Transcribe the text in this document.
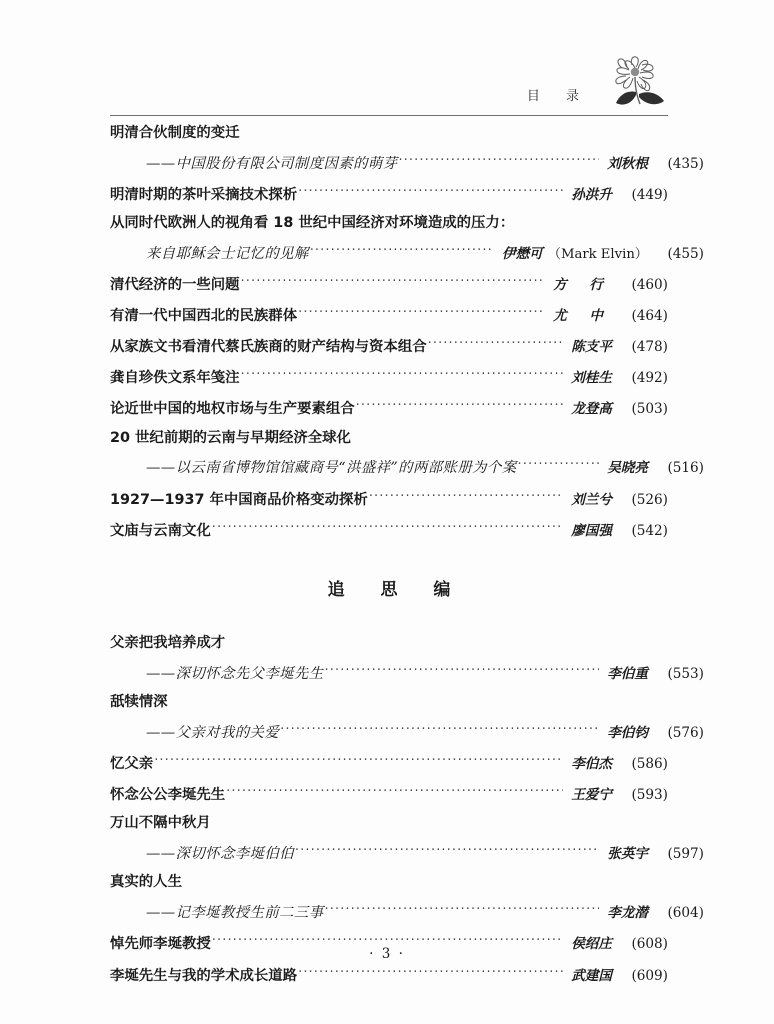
目 录
明清合伙制度的变迁
——中国股份有限公司制度因素的萌芽 ·····	刘秋根	(435)
明清时期的茶叶采摘技术探析 ·····	孙洪升	(449)
从同时代欧洲人的视角看 18 世纪中国经济对环境造成的压力：
来自耶稣会士记忆的见解 ·····	伊懋可 （Mark Elvin）	(455)
清代经济的一些问题 ·····	方 行	(460)
有清一代中国西北的民族群体 ·····	尤 中	(464)
从家族文书看清代蔡氏族商的财产结构与资本组合 ·····	陈支平	(478)
龚自珍佚文系年笺注 ·····	刘桂生	(492)
论近世中国的地权市场与生产要素组合 ·····	龙登高	(503)
20 世纪前期的云南与早期经济全球化
——以云南省博物馆馆藏商号“洪盛祥”的两部账册为个案 ·····	吴晓亮	(516)
1927—1937 年中国商品价格变动探析 ·····	刘兰兮	(526)
文庙与云南文化 ·····	廖国强	(542)
追 思 编
父亲把我培养成才
——深切怀念先父李埏先生 ·····	李伯重	(553)
舐犊情深
——父亲对我的关爱 ·····	李伯钧	(576)
忆父亲 ·····	李伯杰	(586)
怀念公公李埏先生 ·····	王爱宁	(593)
万山不隔中秋月
——深切怀念李埏伯伯 ·····	张英宇	(597)
真实的人生
——记李埏教授生前二三事 ·····	李龙潜	(604)
悼先师李埏教授 ·····	侯绍庄	(608)
李埏先生与我的学术成长道路 ·····	武建国	(609)
· 3 ·
